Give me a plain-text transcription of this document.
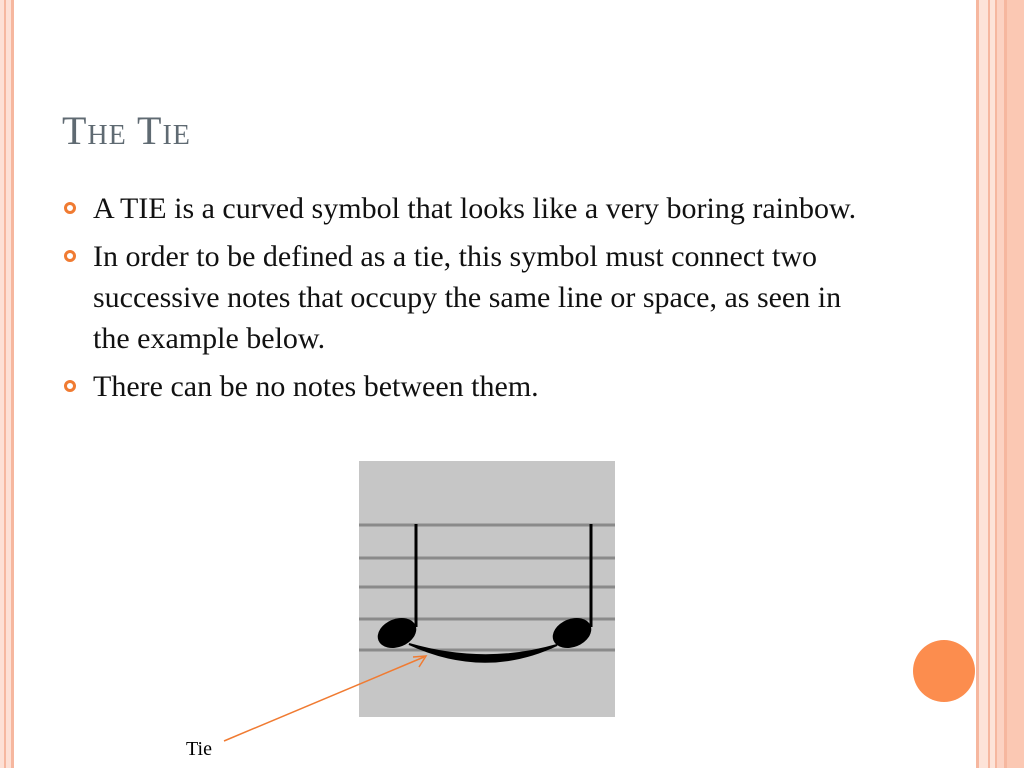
The Tie
A TIE is a curved symbol that looks like a very boring rainbow.
In order to be defined as a tie, this symbol must connect two successive notes that occupy the same line or space, as seen in the example below.
There can be no notes between them.
Tie
